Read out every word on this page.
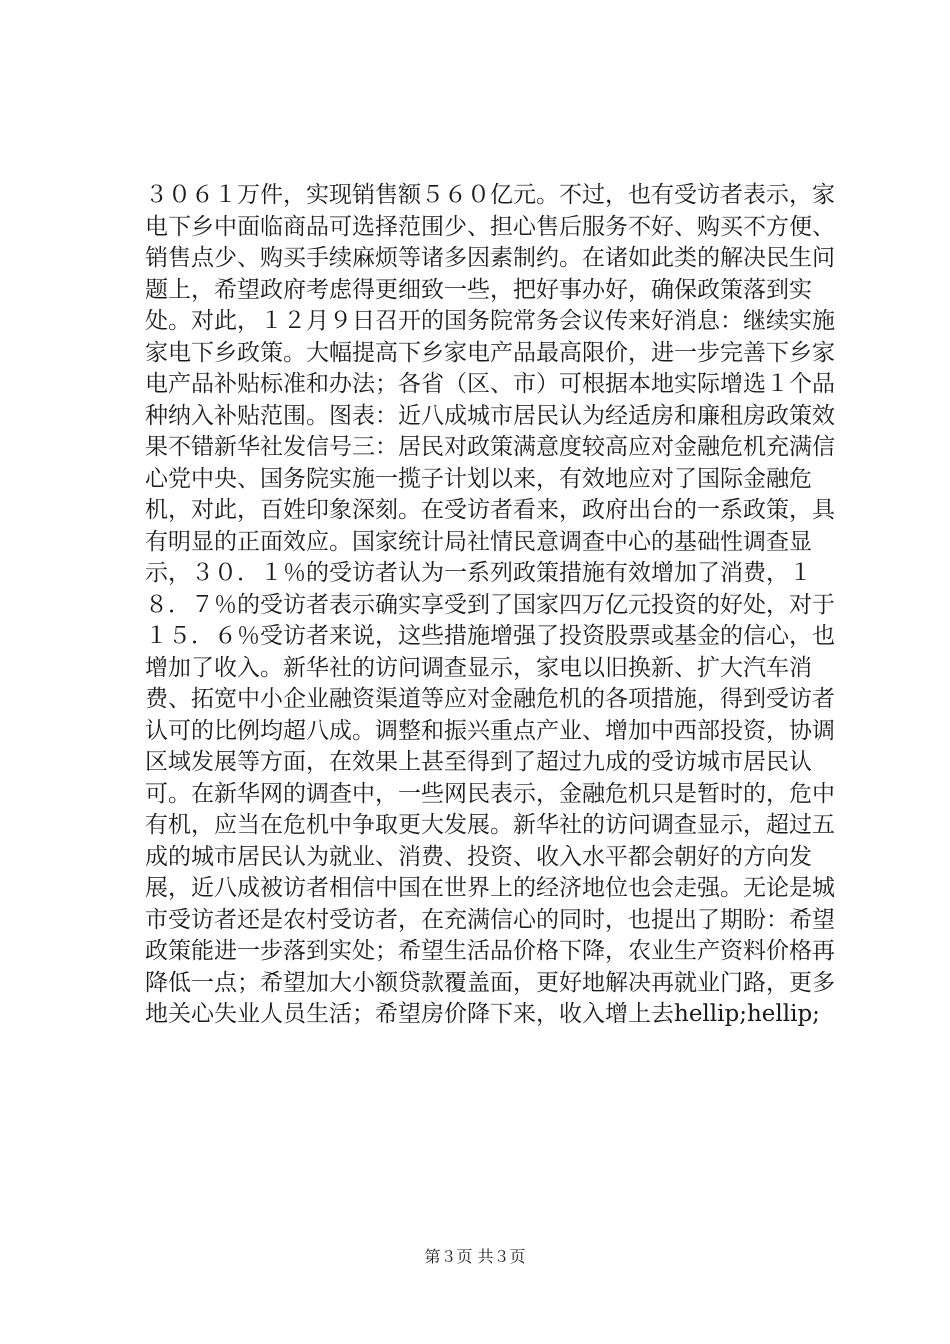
３０６１万件，实现销售额５６０亿元。不过，也有受访者表示，家电下乡中面临商品可选择范围少、担心售后服务不好、购买不方便、销售点少、购买手续麻烦等诸多因素制约。在诸如此类的解决民生问题上，希望政府考虑得更细致一些，把好事办好，确保政策落到实处。对此，１２月９日召开的国务院常务会议传来好消息：继续实施家电下乡政策。大幅提高下乡家电产品最高限价，进一步完善下乡家电产品补贴标准和办法；各省（区、市）可根据本地实际增选１个品种纳入补贴范围。图表：近八成城市居民认为经适房和廉租房政策效果不错新华社发信号三：居民对政策满意度较高应对金融危机充满信心党中央、国务院实施一揽子计划以来，有效地应对了国际金融危机，对此，百姓印象深刻。在受访者看来，政府出台的一系政策，具有明显的正面效应。国家统计局社情民意调查中心的基础性调查显示，３０．１％的受访者认为一系列政策措施有效增加了消费，１８．７％的受访者表示确实享受到了国家四万亿元投资的好处，对于１５．６％受访者来说，这些措施增强了投资股票或基金的信心，也增加了收入。新华社的访问调查显示，家电以旧换新、扩大汽车消费、拓宽中小企业融资渠道等应对金融危机的各项措施，得到受访者认可的比例均超八成。调整和振兴重点产业、增加中西部投资，协调区域发展等方面，在效果上甚至得到了超过九成的受访城市居民认可。在新华网的调查中，一些网民表示，金融危机只是暂时的，危中有机，应当在危机中争取更大发展。新华社的访问调查显示，超过五成的城市居民认为就业、消费、投资、收入水平都会朝好的方向发展，近八成被访者相信中国在世界上的经济地位也会走强。无论是城市受访者还是农村受访者，在充满信心的同时，也提出了期盼：希望政策能进一步落到实处；希望生活品价格下降，农业生产资料价格再降低一点；希望加大小额贷款覆盖面，更好地解决再就业门路，更多地关心失业人员生活；希望房价降下来，收入增上去hellip;hellip;

第３页 共３页
